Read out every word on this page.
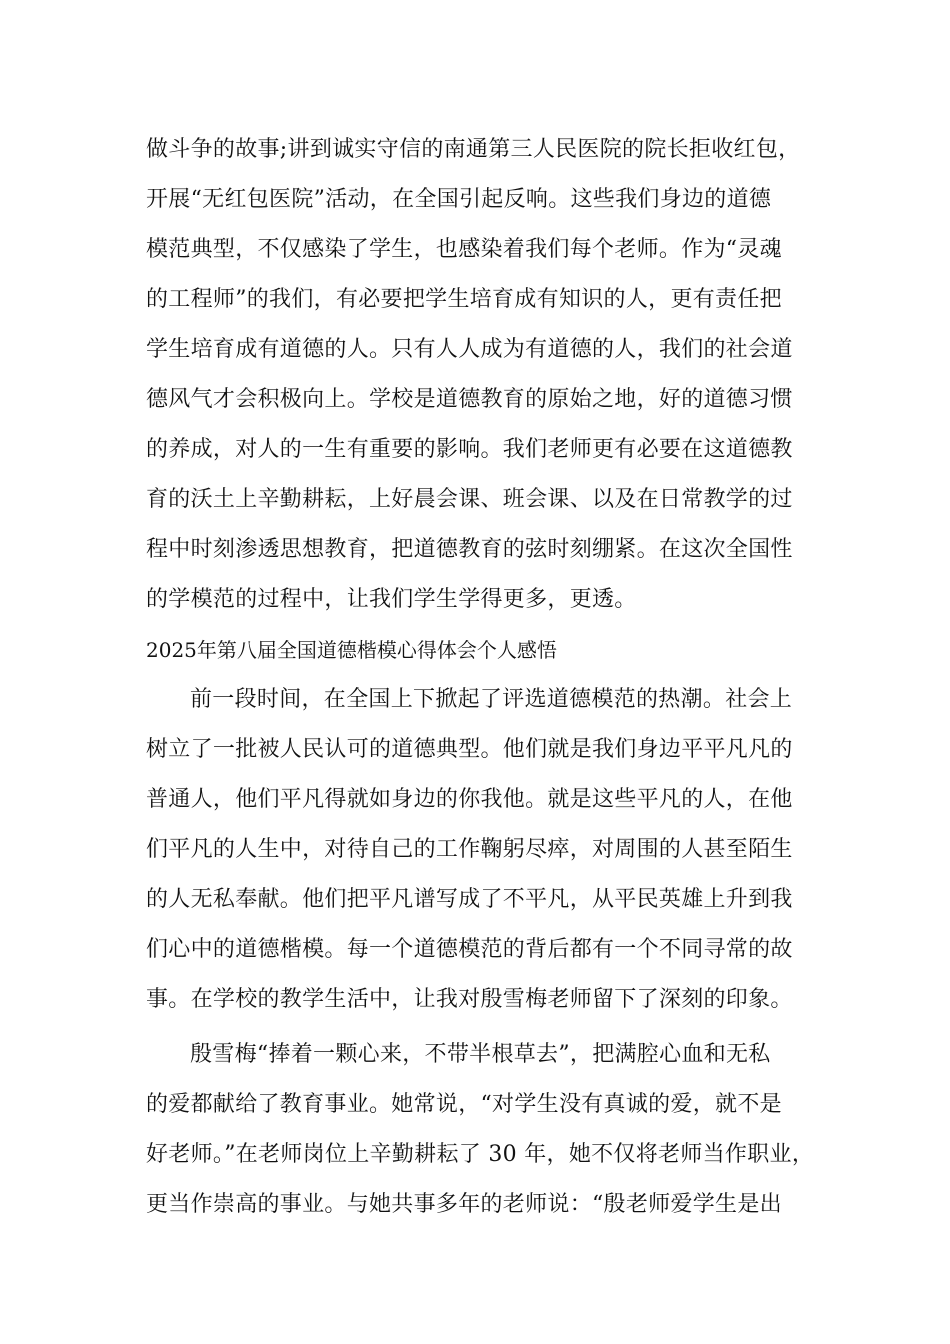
做斗争的故事;讲到诚实守信的南通第三人民医院的院长拒收红包，
开展“无红包医院”活动，在全国引起反响。这些我们身边的道德
模范典型，不仅感染了学生，也感染着我们每个老师。作为“灵魂
的工程师”的我们，有必要把学生培育成有知识的人，更有责任把
学生培育成有道德的人。只有人人成为有道德的人，我们的社会道
德风气才会积极向上。学校是道德教育的原始之地，好的道德习惯
的养成，对人的一生有重要的影响。我们老师更有必要在这道德教
育的沃土上辛勤耕耘，上好晨会课、班会课、以及在日常教学的过
程中时刻渗透思想教育，把道德教育的弦时刻绷紧。在这次全国性
的学模范的过程中，让我们学生学得更多，更透。
2025年第八届全国道德楷模心得体会个人感悟
前一段时间，在全国上下掀起了评选道德模范的热潮。社会上
树立了一批被人民认可的道德典型。他们就是我们身边平平凡凡的
普通人，他们平凡得就如身边的你我他。就是这些平凡的人，在他
们平凡的人生中，对待自己的工作鞠躬尽瘁，对周围的人甚至陌生
的人无私奉献。他们把平凡谱写成了不平凡，从平民英雄上升到我
们心中的道德楷模。每一个道德模范的背后都有一个不同寻常的故
事。在学校的教学生活中，让我对殷雪梅老师留下了深刻的印象。
殷雪梅“捧着一颗心来，不带半根草去”，把满腔心血和无私
的爱都献给了教育事业。她常说，“对学生没有真诚的爱，就不是
好老师。”在老师岗位上辛勤耕耘了 30 年，她不仅将老师当作职业，
更当作崇高的事业。与她共事多年的老师说：“殷老师爱学生是出
